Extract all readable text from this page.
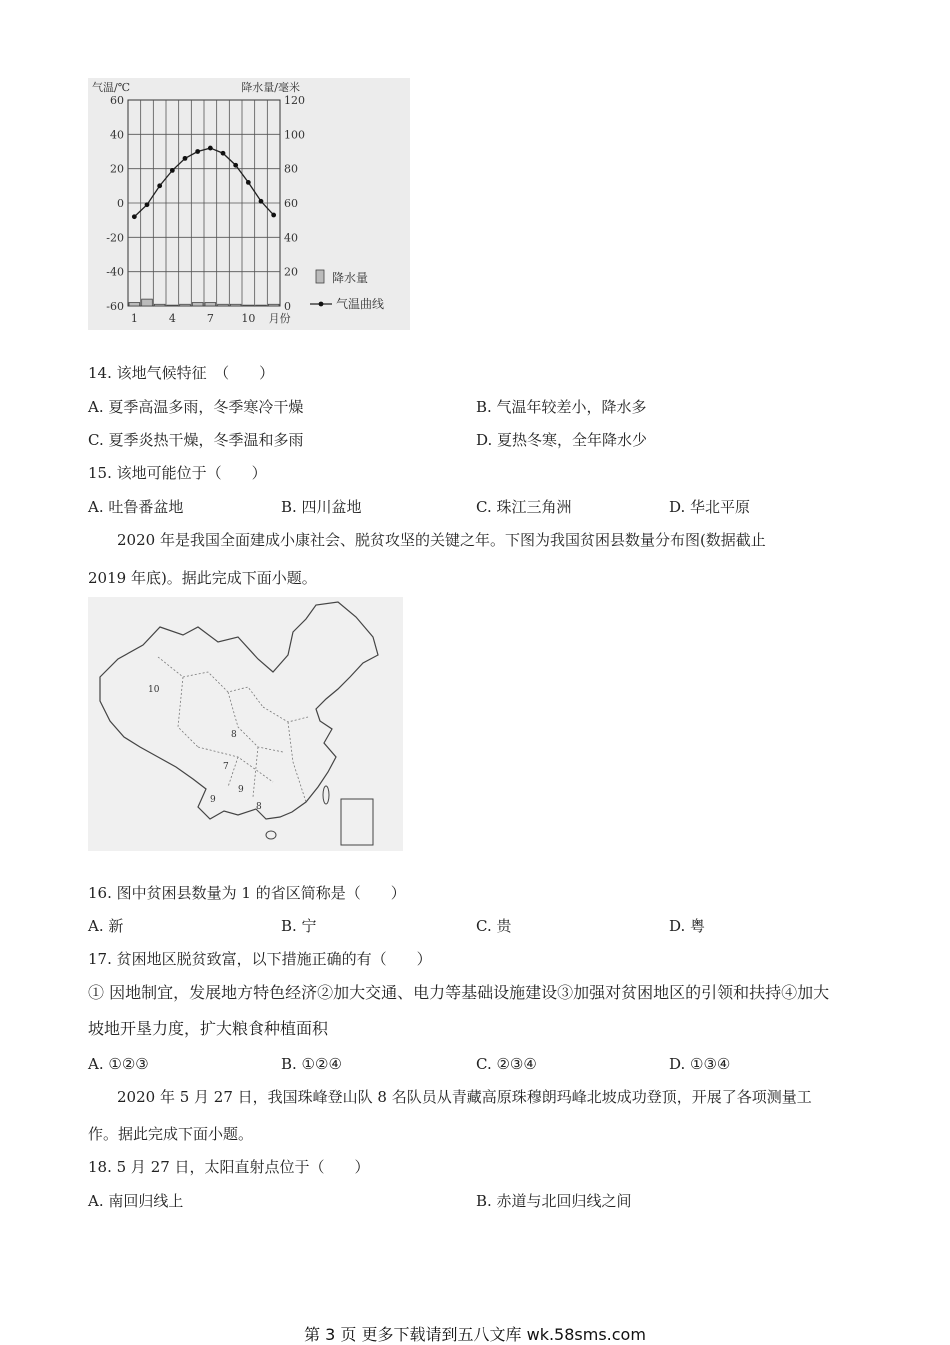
60
40
20
0
-20
-40
-60
120
100
80
60
40
20
0
气温/℃	降水量/毫米
1	4	7	10 月份
降水量
气温曲线
14. 该地气候特征　（　　）
A. 夏季高温多雨，冬季寒冷干燥	B. 气温年较差小，降水多
C. 夏季炎热干燥，冬季温和多雨	D. 夏热冬寒，全年降水少
15. 该地可能位于（　　）
A. 吐鲁番盆地	B. 四川盆地	C. 珠江三角洲	D. 华北平原
2020 年是我国全面建成小康社会、脱贫攻坚的关键之年。下图为我国贫困县数量分布图(数据截止
2019 年底)。据此完成下面小题。
10
8
7
9
9
8
16. 图中贫困县数量为 1 的省区简称是（　　）
A. 新	B. 宁	C. 贵	D. 粤
17. 贫困地区脱贫致富，以下措施正确的有（　　）
① 因地制宜，发展地方特色经济②加大交通、电力等基础设施建设③加强对贫困地区的引领和扶持④加大
坡地开垦力度，扩大粮食种植面积
A. ①②③	B. ①②④	C. ②③④	D. ①③④
2020 年 5 月 27 日，我国珠峰登山队 8 名队员从青藏高原珠穆朗玛峰北坡成功登顶，开展了各项测量工
作。据此完成下面小题。
18. 5 月 27 日，太阳直射点位于（　　）
A. 南回归线上	B. 赤道与北回归线之间
第 3 页 更多下载请到五八文库 wk.58sms.com
